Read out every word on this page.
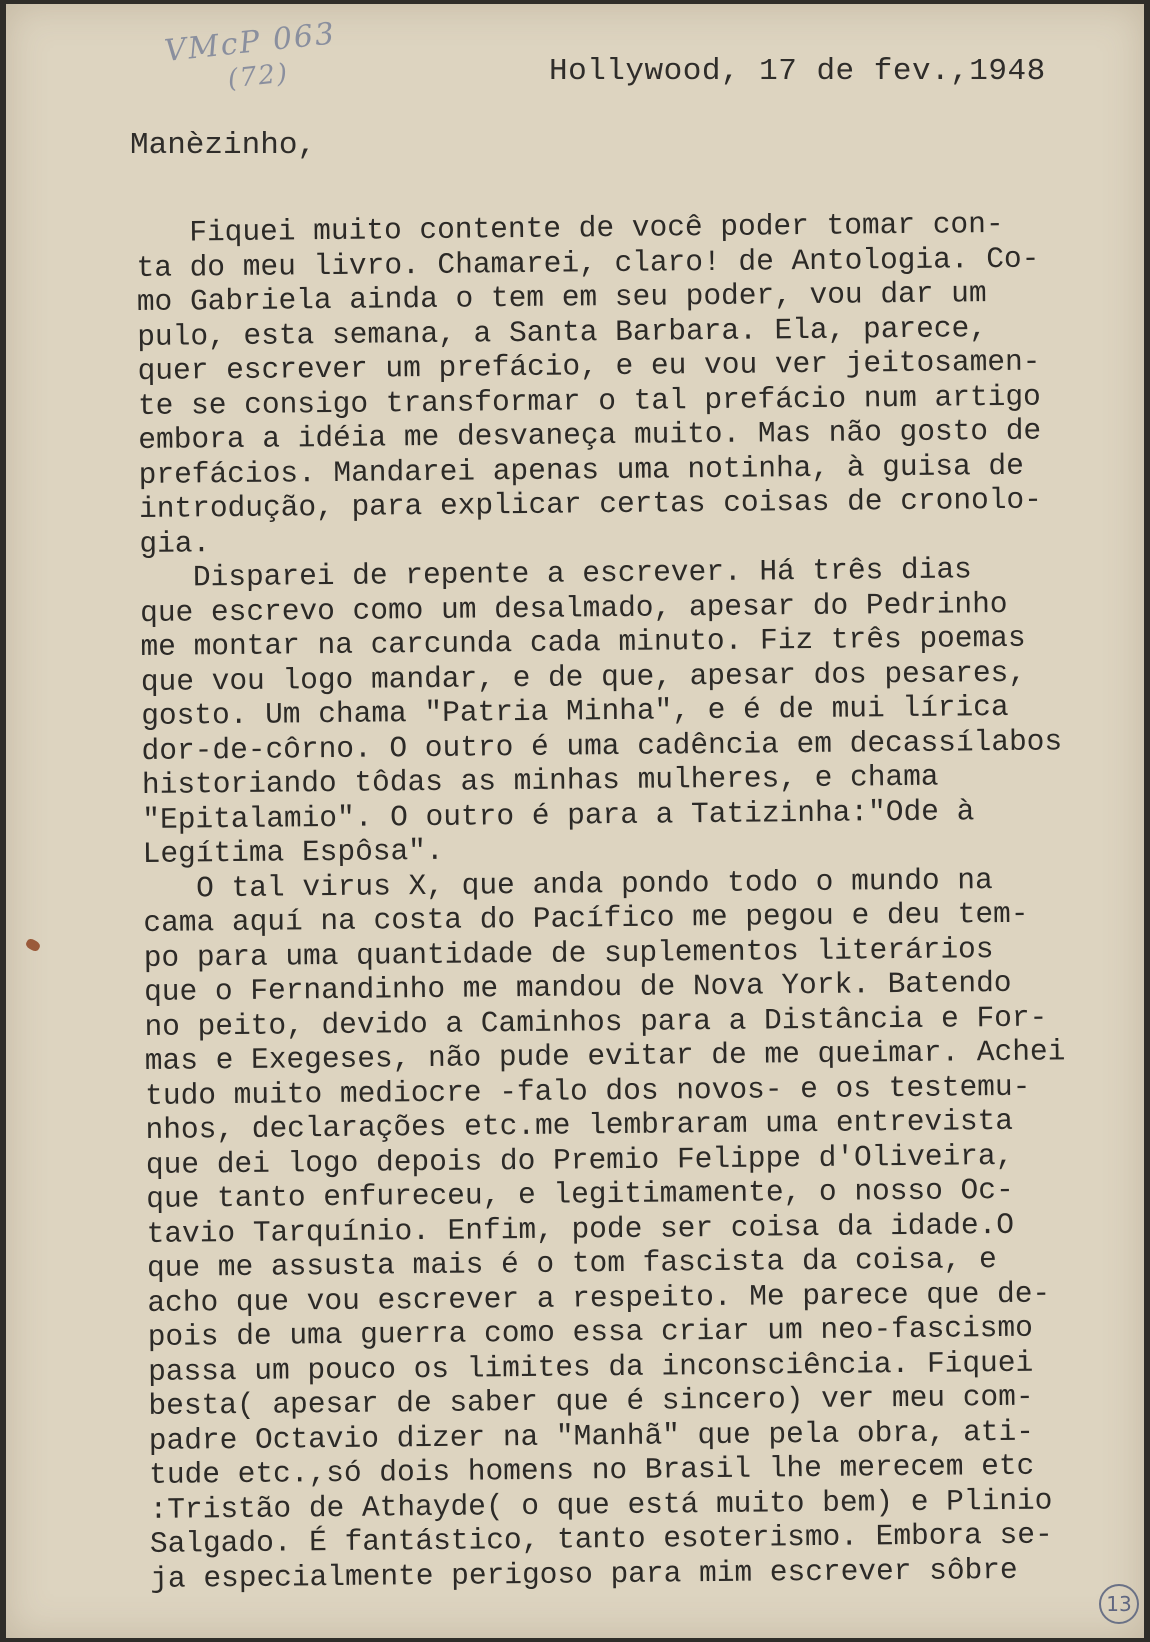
VMcP 063
(72)	Hollywood, 17 de fev.,1948
Manèzinho,
Fiquei muito contente de você poder tomar con-
ta do meu livro. Chamarei, claro! de Antologia. Co-
mo Gabriela ainda o tem em seu poder, vou dar um
pulo, esta semana, a Santa Barbara. Ela, parece,
quer escrever um prefácio, e eu vou ver jeitosamen-
te se consigo transformar o tal prefácio num artigo
embora a idéia me desvaneça muito. Mas não gosto de
prefácios. Mandarei apenas uma notinha, à guisa de
introdução, para explicar certas coisas de cronolo-
gia.
Disparei de repente a escrever. Há três dias
que escrevo como um desalmado, apesar do Pedrinho
me montar na carcunda cada minuto. Fiz três poemas
que vou logo mandar, e de que, apesar dos pesares,
gosto. Um chama "Patria Minha", e é de mui lírica
dor-de-côrno. O outro é uma cadência em decassílabos
historiando tôdas as minhas mulheres, e chama
"Epitalamio". O outro é para a Tatizinha:"Ode à
Legítima Espôsa".
O tal virus X, que anda pondo todo o mundo na
cama aquí na costa do Pacífico me pegou e deu tem-
po para uma quantidade de suplementos literários
que o Fernandinho me mandou de Nova York. Batendo
no peito, devido a Caminhos para a Distância e For-
mas e Exegeses, não pude evitar de me queimar. Achei
tudo muito mediocre -falo dos novos- e os testemu-
nhos, declarações etc.me lembraram uma entrevista
que dei logo depois do Premio Felippe d'Oliveira,
que tanto enfureceu, e legitimamente, o nosso Oc-
tavio Tarquínio. Enfim, pode ser coisa da idade.O
que me assusta mais é o tom fascista da coisa, e
acho que vou escrever a respeito. Me parece que de-
pois de uma guerra como essa criar um neo-fascismo
passa um pouco os limites da inconsciência. Fiquei
besta( apesar de saber que é sincero) ver meu com-
padre Octavio dizer na "Manhã" que pela obra, ati-
tude etc.,só dois homens no Brasil lhe merecem etc
:Tristão de Athayde( o que está muito bem) e Plinio
Salgado. É fantástico, tanto esoterismo. Embora se-
ja especialmente perigoso para mim escrever sôbre
13
